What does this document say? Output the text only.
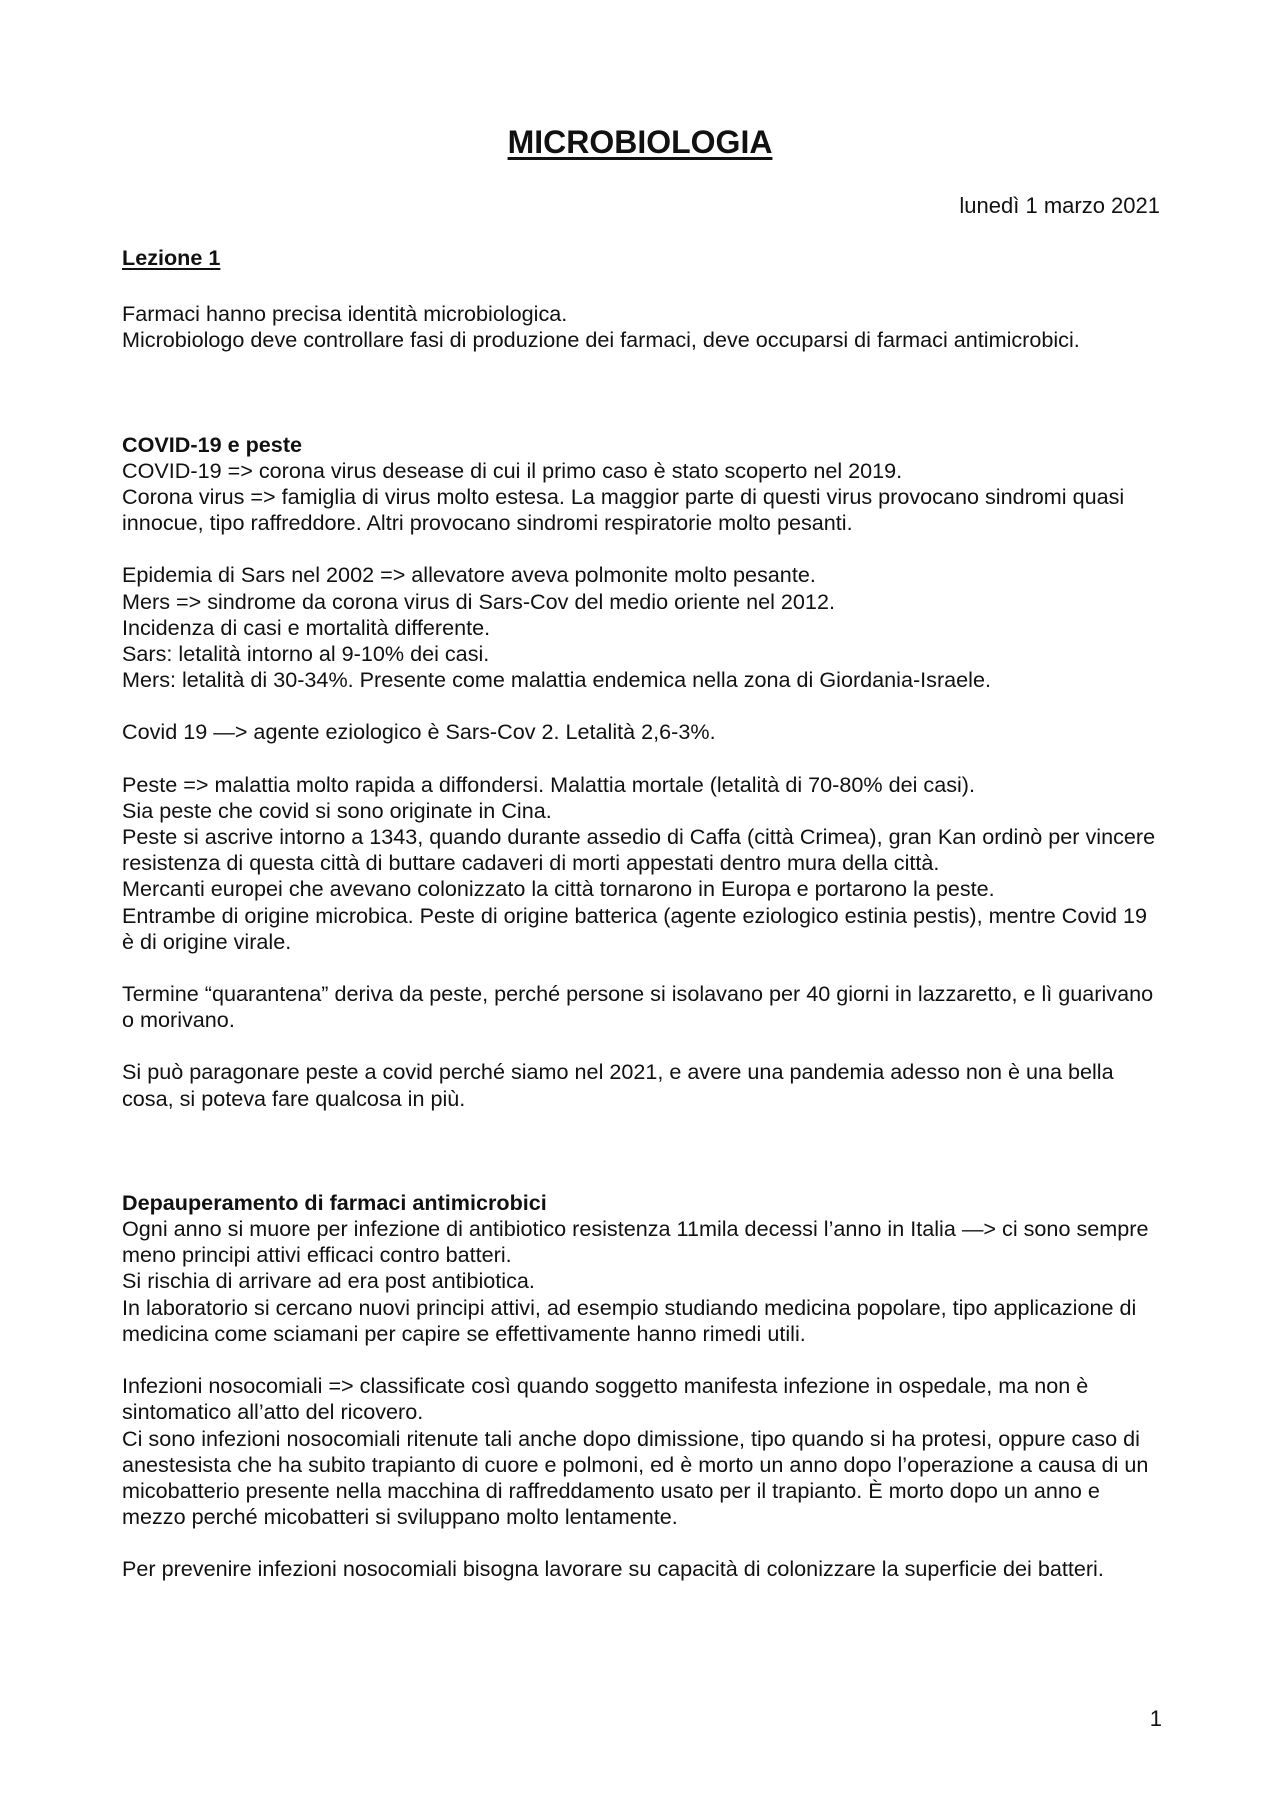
MICROBIOLOGIA

lunedì 1 marzo 2021

Lezione 1

Farmaci hanno precisa identità microbiologica.

Microbiologo deve controllare fasi di produzione dei farmaci, deve occuparsi di farmaci antimicrobici.

COVID-19 e peste

COVID-19 => corona virus desease di cui il primo caso è stato scoperto nel 2019.

Corona virus => famiglia di virus molto estesa. La maggior parte di questi virus provocano sindromi quasi innocue, tipo raffreddore. Altri provocano sindromi respiratorie molto pesanti.

Epidemia di Sars nel 2002 => allevatore aveva polmonite molto pesante.

Mers => sindrome da corona virus di Sars-Cov del medio oriente nel 2012.

Incidenza di casi e mortalità differente.

Sars: letalità intorno al 9-10% dei casi.

Mers: letalità di 30-34%. Presente come malattia endemica nella zona di Giordania-Israele.

Covid 19 —> agente eziologico è Sars-Cov 2. Letalità 2,6-3%.

Peste => malattia molto rapida a diffondersi. Malattia mortale (letalità di 70-80% dei casi).

Sia peste che covid si sono originate in Cina.

Peste si ascrive intorno a 1343, quando durante assedio di Caffa (città Crimea), gran Kan ordinò per vincere resistenza di questa città di buttare cadaveri di morti appestati dentro mura della città.

Mercanti europei che avevano colonizzato la città tornarono in Europa e portarono la peste.

Entrambe di origine microbica. Peste di origine batterica (agente eziologico estinia pestis), mentre Covid 19 è di origine virale.

Termine “quarantena” deriva da peste, perché persone si isolavano per 40 giorni in lazzaretto, e lì guarivano o morivano.

Si può paragonare peste a covid perché siamo nel 2021, e avere una pandemia adesso non è una bella cosa, si poteva fare qualcosa in più.

Depauperamento di farmaci antimicrobici

Ogni anno si muore per infezione di antibiotico resistenza 11mila decessi l’anno in Italia —> ci sono sempre meno principi attivi efficaci contro batteri.

Si rischia di arrivare ad era post antibiotica.

In laboratorio si cercano nuovi principi attivi, ad esempio studiando medicina popolare, tipo applicazione di medicina come sciamani per capire se effettivamente hanno rimedi utili.

Infezioni nosocomiali => classificate così quando soggetto manifesta infezione in ospedale, ma non è sintomatico all’atto del ricovero.

Ci sono infezioni nosocomiali ritenute tali anche dopo dimissione, tipo quando si ha protesi, oppure caso di anestesista che ha subito trapianto di cuore e polmoni, ed è morto un anno dopo l’operazione a causa di un micobatterio presente nella macchina di raffreddamento usato per il trapianto. È morto dopo un anno e mezzo perché micobatteri si sviluppano molto lentamente.

Per prevenire infezioni nosocomiali bisogna lavorare su capacità di colonizzare la superficie dei batteri.

1
